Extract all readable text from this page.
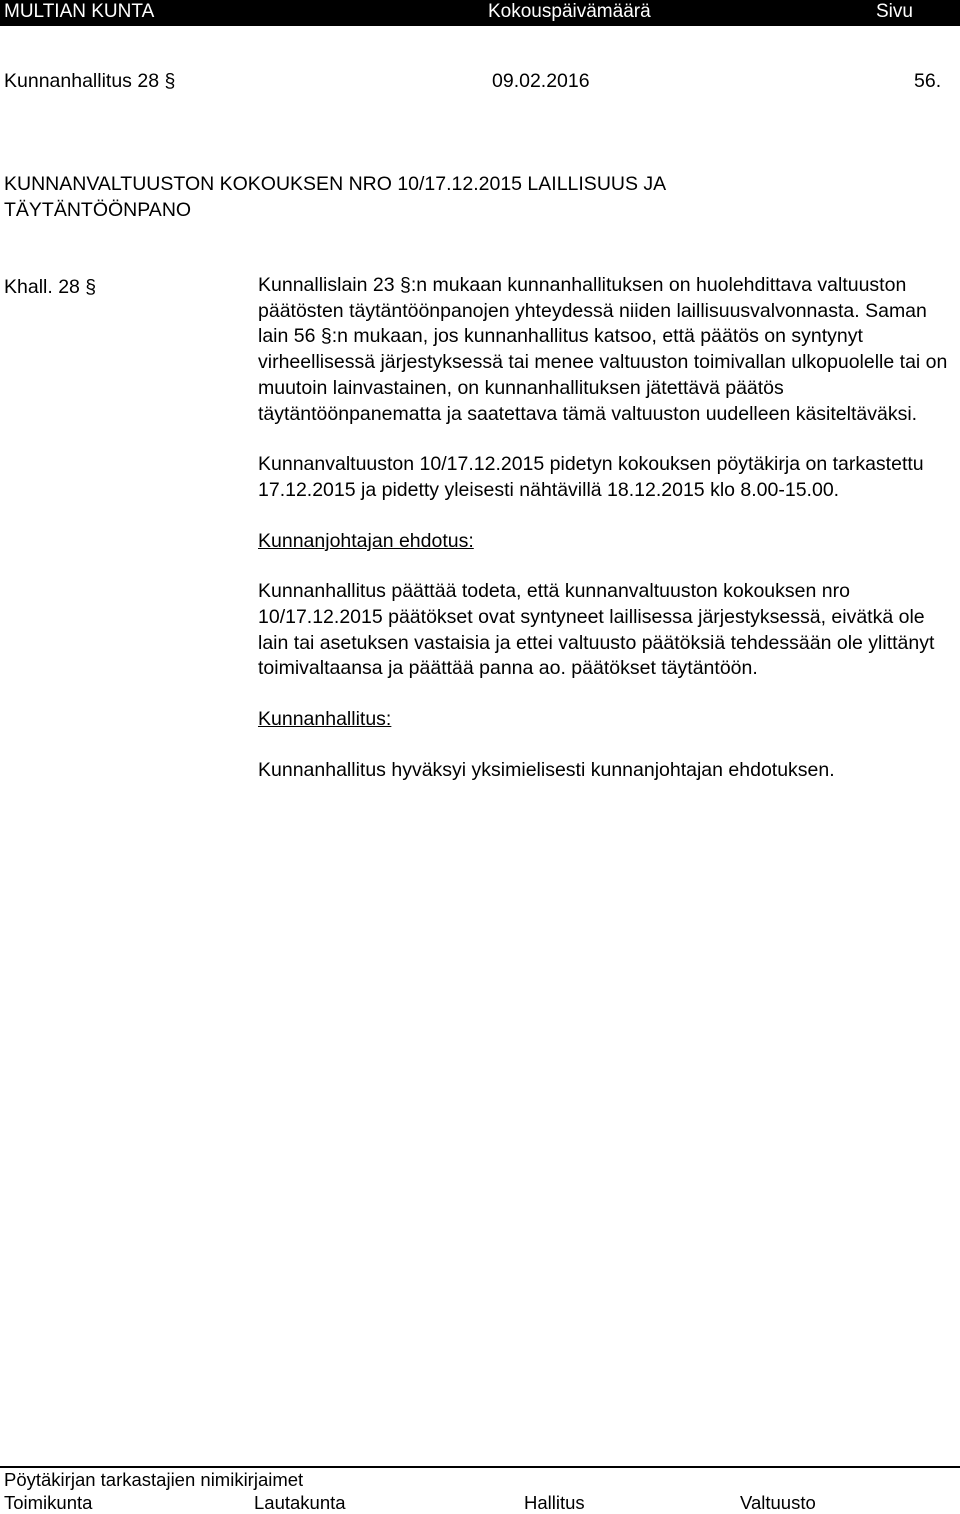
MULTIAN KUNTA	Kokouspäivämäärä	Sivu
Kunnanhallitus 28 §	09.02.2016	56.
KUNNANVALTUUSTON KOKOUKSEN NRO 10/17.12.2015 LAILLISUUS JA
TÄYTÄNTÖÖNPANO
Khall. 28 §	Kunnallislain 23 §:n mukaan kunnanhallituksen on huolehdittava valtuuston päätösten täytäntöönpanojen yhteydessä niiden laillisuusvalvonnasta. Saman lain 56 §:n mukaan, jos kunnanhallitus katsoo, että päätös on syntynyt virheellisessä järjestyksessä tai menee valtuuston toimivallan ulkopuolelle tai on muutoin lainvastainen, on kunnanhallituksen jätettävä päätös täytäntöönpanematta ja saatettava tämä valtuuston uudelleen käsiteltäväksi.

Kunnanvaltuuston 10/17.12.2015 pidetyn kokouksen pöytäkirja on tarkastettu 17.12.2015 ja pidetty yleisesti nähtävillä 18.12.2015 klo 8.00-15.00.

Kunnanjohtajan ehdotus:

Kunnanhallitus päättää todeta, että kunnanvaltuuston kokouksen nro 10/17.12.2015 päätökset ovat syntyneet laillisessa järjestyksessä, eivätkä ole lain tai asetuksen vastaisia ja ettei valtuusto päätöksiä tehdessään ole ylittänyt toimivaltaansa ja päättää panna ao. päätökset täytäntöön.

Kunnanhallitus:

Kunnanhallitus hyväksyi yksimielisesti kunnanjohtajan ehdotuksen.

Pöytäkirjan tarkastajien nimikirjaimet
Toimikunta	Lautakunta	Hallitus	Valtuusto
